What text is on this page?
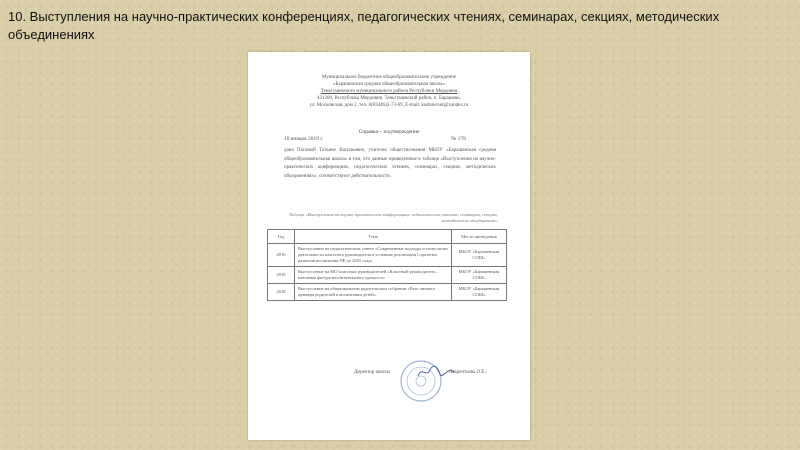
10. Выступления на научно-практических конференциях, педагогических чтениях, семинарах, секциях, методических объединениях
Муниципальное бюджетное общеобразовательное учреждение
«Барашевская средняя общеобразовательная школа»
Теньгушевского муниципального района Республики Мордовия
431200, Республика Мордовия, Теньгушевский район, п. Барашево,
ул. Московская, дом 2, тел. 8(83446)2-73-69, E-mail: kashulevak@yandex.ru
Справка – подтверждение
10 января 2019 г.	№ 178
дана Поповой Татьяне Васильевне, учителю обществознания МБОУ «Барашевская средняя общеобразовательная школа» в том, что данные приведенные в таблице «Выступления на научно-практических конференциях, педагогических чтениях, семинарах, секциях, методических объединениях», соответствуют действительности.
Таблица «Выступления на научно-практических конференциях, педагогических чтениях, семинарах, секциях, методических объединениях»
Год	Тема	Место проведения
2016	Выступление на педагогическом совете «Современные подходы и технологии деятельности классного руководителя в условиях реализации Стратегии развития воспитания РФ до 2025 года»	МБОУ «Барашевская СОШ»
2018	Выступление на МО классных руководителей «Классный руководитель – ключевая фигура воспитательного процесса»	МБОУ «Барашевская СОШ»
2018	Выступление на общешкольном родительском собрании «Роль личного примера родителей в воспитании детей»	МБОУ «Барашевская СОШ»
Директор школы	/ Лаврентьева О.Е./
